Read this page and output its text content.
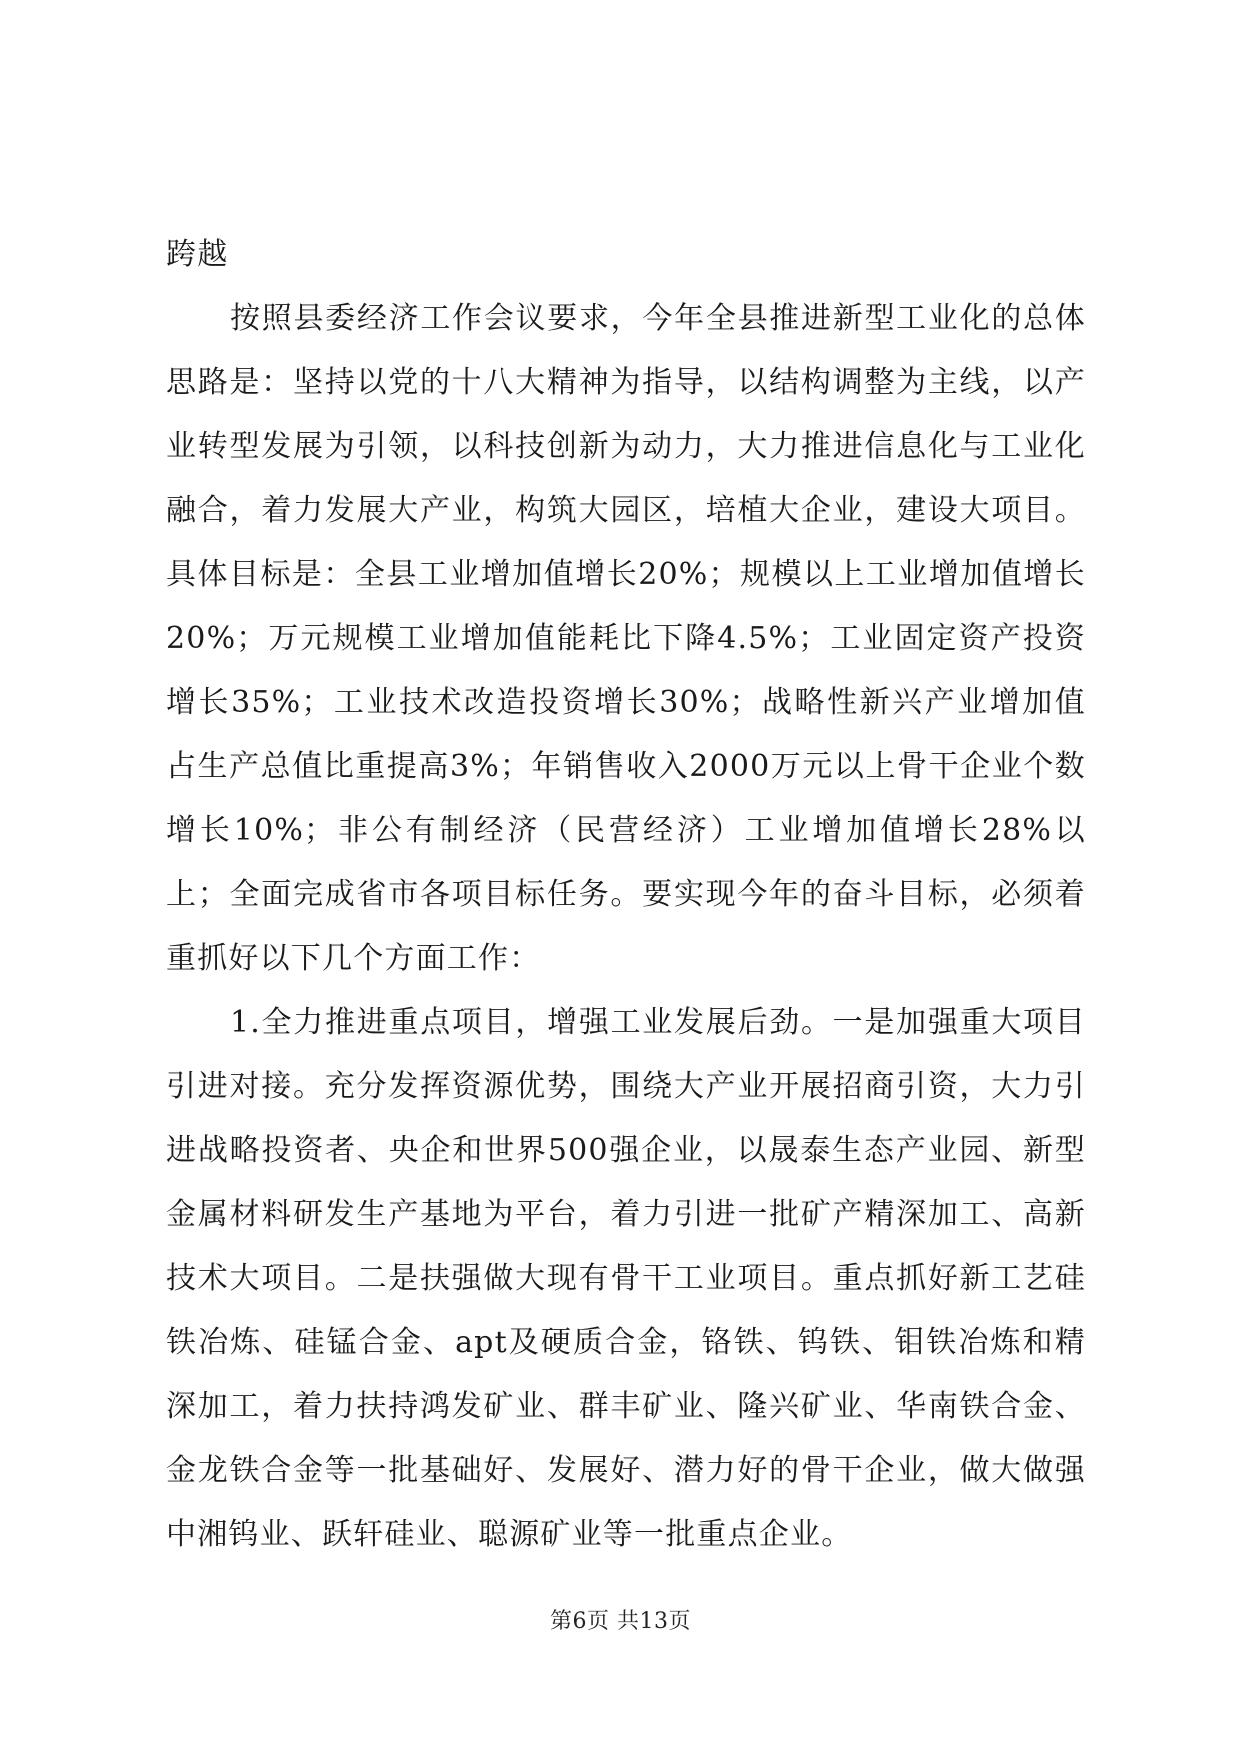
跨越

按照县委经济工作会议要求，今年全县推进新型工业化的总体思路是：坚持以党的十八大精神为指导，以结构调整为主线，以产业转型发展为引领，以科技创新为动力，大力推进信息化与工业化融合，着力发展大产业，构筑大园区，培植大企业，建设大项目。具体目标是：全县工业增加值增长20%；规模以上工业增加值增长20%；万元规模工业增加值能耗比下降4.5%；工业固定资产投资增长35%；工业技术改造投资增长30%；战略性新兴产业增加值占生产总值比重提高3%；年销售收入2000万元以上骨干企业个数增长10%；非公有制经济（民营经济）工业增加值增长28%以上；全面完成省市各项目标任务。要实现今年的奋斗目标，必须着重抓好以下几个方面工作：

1.全力推进重点项目，增强工业发展后劲。一是加强重大项目引进对接。充分发挥资源优势，围绕大产业开展招商引资，大力引进战略投资者、央企和世界500强企业，以晟泰生态产业园、新型金属材料研发生产基地为平台，着力引进一批矿产精深加工、高新技术大项目。二是扶强做大现有骨干工业项目。重点抓好新工艺硅铁冶炼、硅锰合金、apt及硬质合金，铬铁、钨铁、钼铁冶炼和精深加工，着力扶持鸿发矿业、群丰矿业、隆兴矿业、华南铁合金、金龙铁合金等一批基础好、发展好、潜力好的骨干企业，做大做强中湘钨业、跃轩硅业、聪源矿业等一批重点企业。

第6页 共13页
